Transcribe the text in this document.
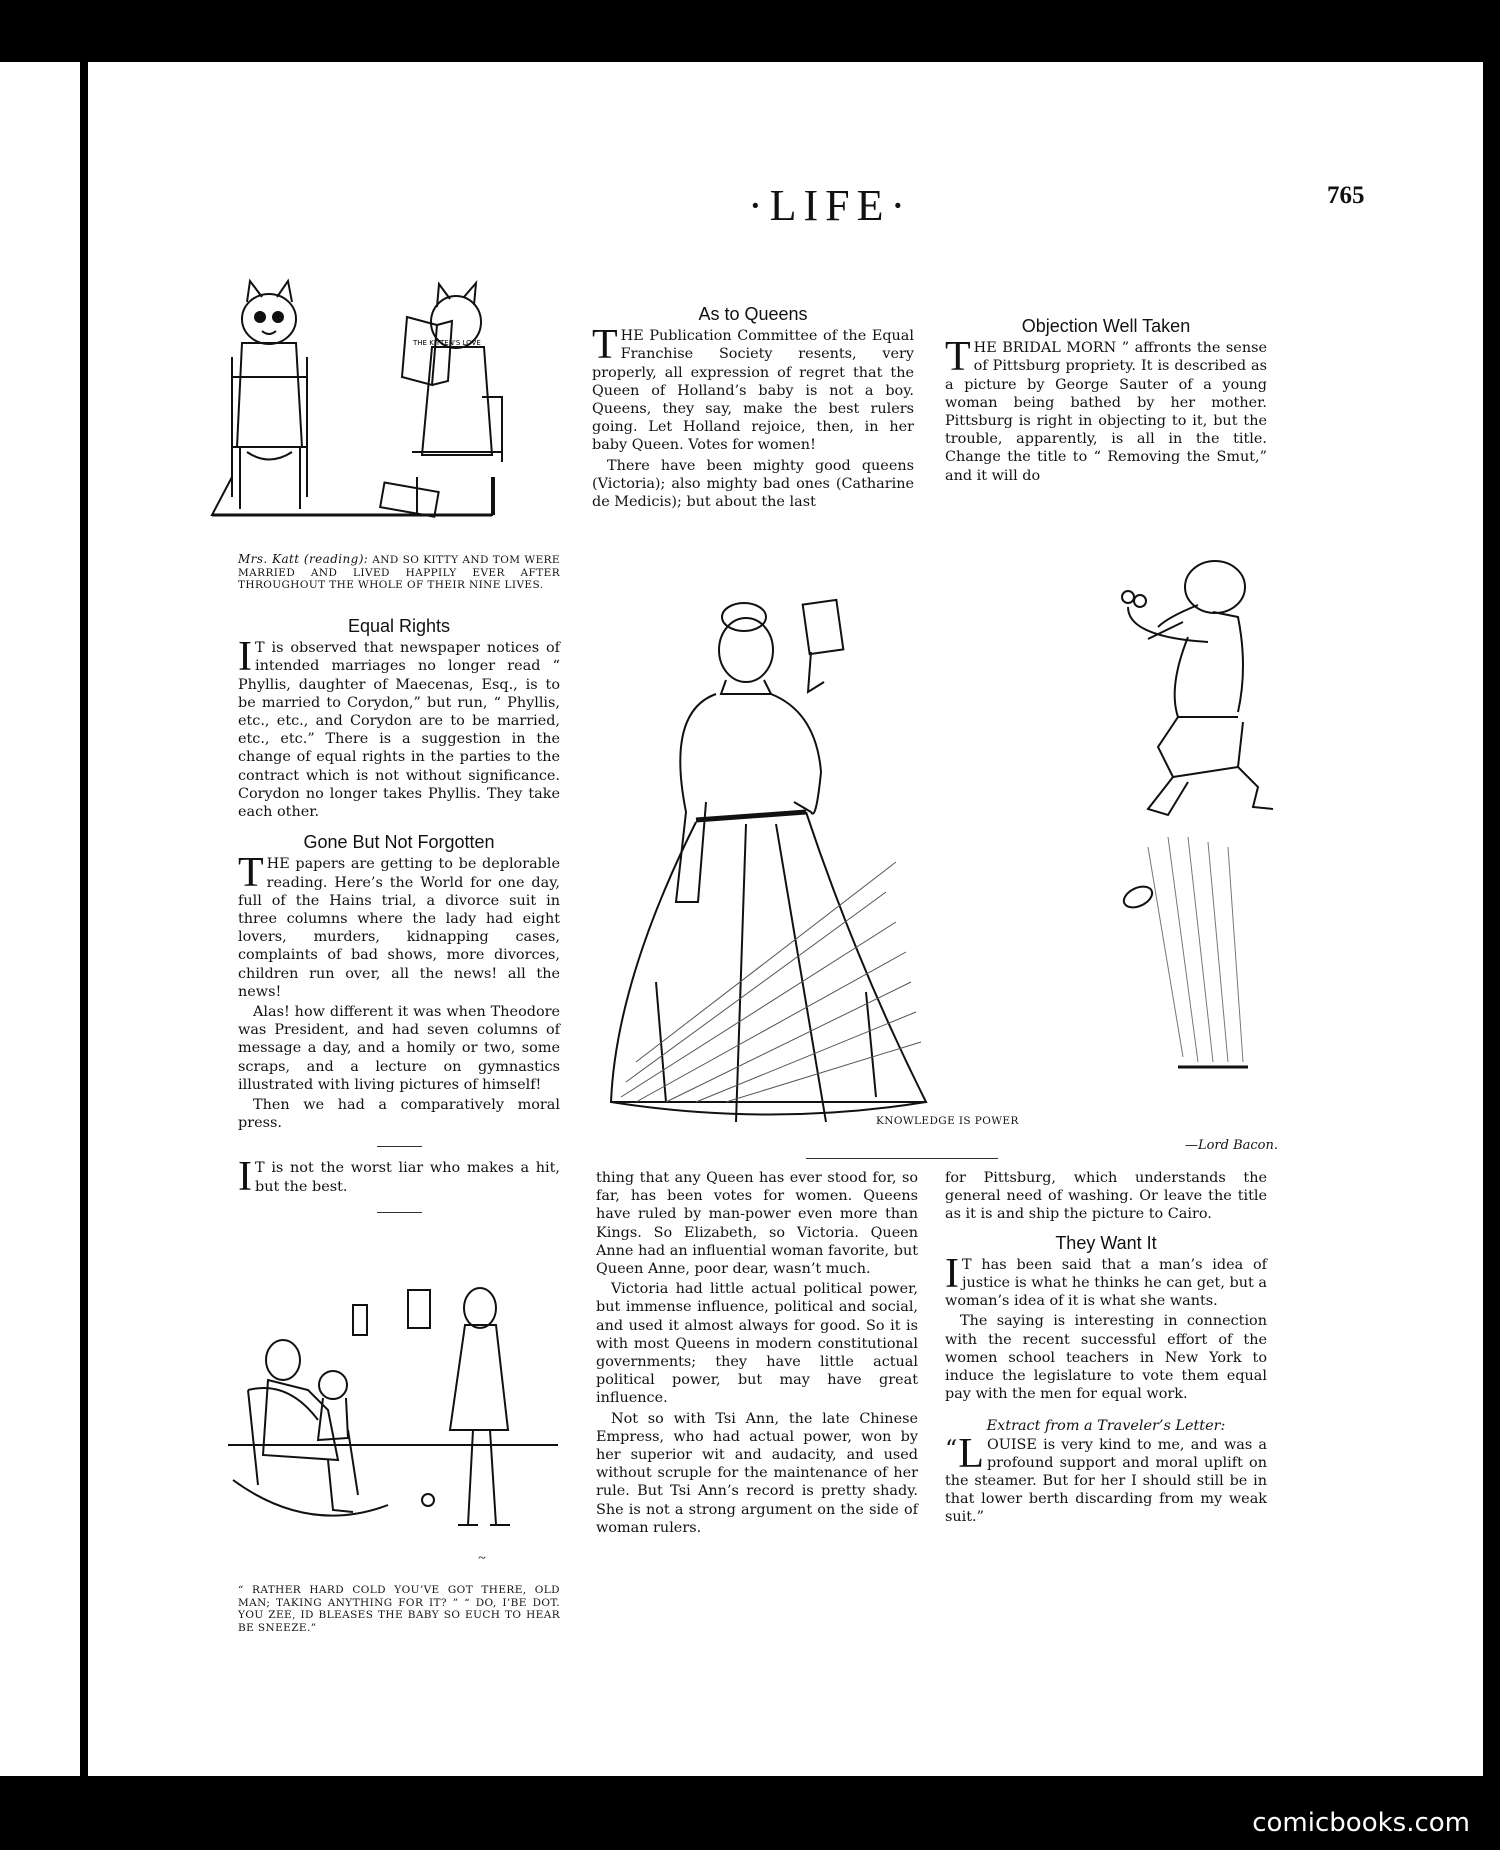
·LIFE·	765
THE KITTEN'S LOVE
Mrs. Katt (reading): AND SO KITTY AND TOM WERE MARRIED AND LIVED HAPPILY EVER AFTER THROUGHOUT THE WHOLE OF THEIR NINE LIVES.
Equal Rights

I T is observed that newspaper notices of intended marriages no longer read “ Phyllis, daughter of Maecenas, Esq., is to be married to Corydon,” but run, “ Phyllis, etc., etc., and Corydon are to be married, etc., etc.” There is a suggestion in the change of equal rights in the parties to the contract which is not without significance. Corydon no longer takes Phyllis. They take each other.

Gone But Not Forgotten

THE papers are getting to be deplorable reading. Here’s the World for one day, full of the Hains trial, a divorce suit in three columns where the lady had eight lovers, murders, kidnapping cases, complaints of bad shows, more divorces, children run over, all the news! all the news!

Alas! how different it was when Theodore was President, and had seven columns of message a day, and a homily or two, some scraps, and a lecture on gymnastics illustrated with living pictures of himself!

Then we had a comparatively moral press.

I T is not the worst liar who makes a hit, but the best.

~
“ RATHER HARD COLD YOU’VE GOT THERE, OLD MAN; TAKING ANYTHING FOR IT? ” “ DO, I’BE DOT. YOU ZEE, ID BLEASES THE BABY SO EUCH TO HEAR BE SNEEZE.”
As to Queens

THE Publication Committee of the Equal Franchise Society resents, very properly, all expression of regret that the Queen of Holland’s baby is not a boy. Queens, they say, make the best rulers going. Let Holland rejoice, then, in her baby Queen. Votes for women!

There have been mighty good queens (Victoria); also mighty bad ones (Catharine de Medicis); but about the last

Objection Well Taken

THE BRIDAL MORN ” affronts the sense of Pittsburg propriety. It is described as a picture by George Sauter of a young woman being bathed by her mother. Pittsburg is right in objecting to it, but the trouble, apparently, is all in the title. Change the title to “ Removing the Smut,” and it will do

KNOWLEDGE IS POWER
—Lord Bacon.

thing that any Queen has ever stood for, so far, has been votes for women. Queens have ruled by man-power even more than Kings. So Elizabeth, so Victoria. Queen Anne had an influential woman favorite, but Queen Anne, poor dear, wasn’t much.

Victoria had little actual political power, but immense influence, political and social, and used it almost always for good. So it is with most Queens in modern constitutional governments; they have little actual political power, but may have great influence.

Not so with Tsi Ann, the late Chinese Empress, who had actual power, won by her superior wit and audacity, and used without scruple for the maintenance of her rule. But Tsi Ann’s record is pretty shady. She is not a strong argument on the side of woman rulers.

for Pittsburg, which understands the general need of washing. Or leave the title as it is and ship the picture to Cairo.

They Want It

I T has been said that a man’s idea of justice is what he thinks he can get, but a woman’s idea of it is what she wants.

The saying is interesting in connection with the recent successful effort of the women school teachers in New York to induce the legislature to vote them equal pay with the men for equal work.

Extract from a Traveler’s Letter:

“ L OUISE is very kind to me, and was a profound support and moral uplift on the steamer. But for her I should still be in that lower berth discarding from my weak suit.”

comicbooks.com
